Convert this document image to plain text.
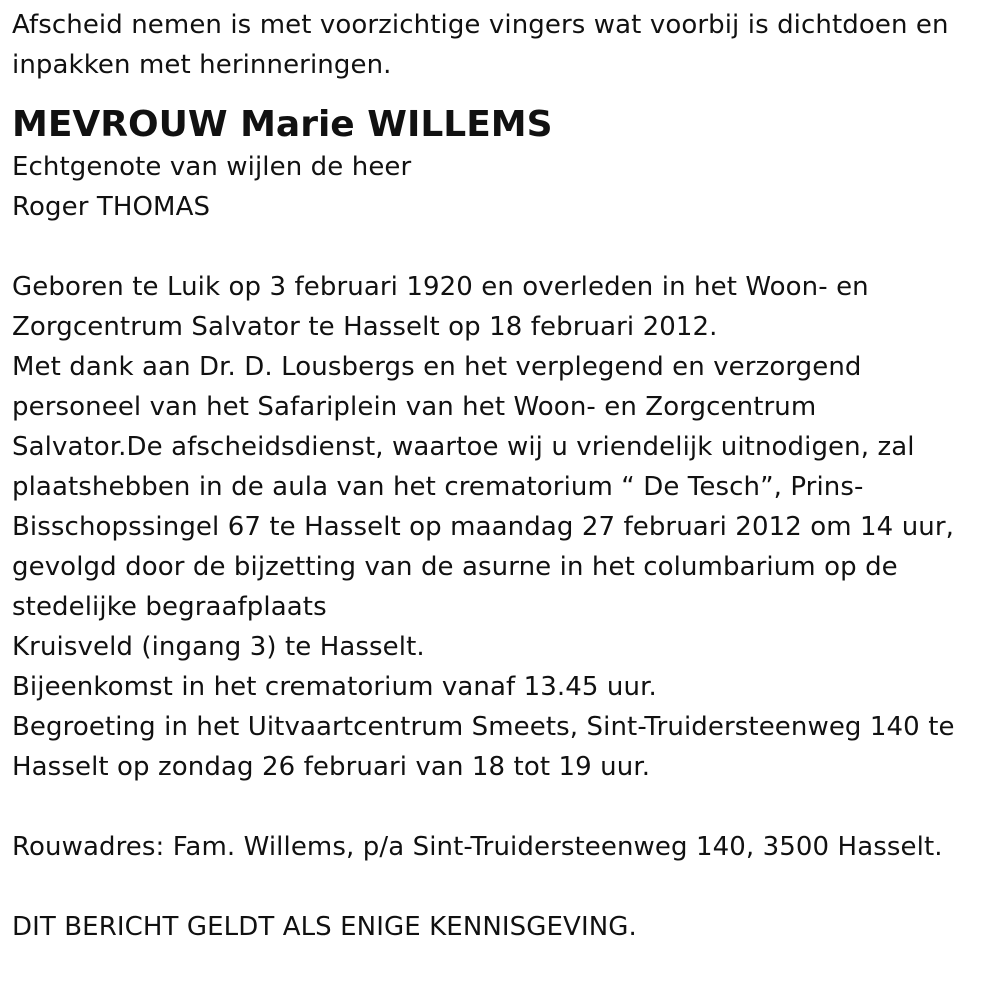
Afscheid nemen is met voorzichtige vingers wat voorbij is dichtdoen en
inpakken met herinneringen.
MEVROUW Marie WILLEMS
Echtgenote van wijlen de heer
Roger THOMAS
Geboren te Luik op 3 februari 1920 en overleden in het Woon- en
Zorgcentrum Salvator te Hasselt op 18 februari 2012.
Met dank aan Dr. D. Lousbergs en het verplegend en verzorgend
personeel van het Safariplein van het Woon- en Zorgcentrum
Salvator.De afscheidsdienst, waartoe wij u vriendelijk uitnodigen, zal
plaatshebben in de aula van het crematorium “ De Tesch”, Prins-
Bisschopssingel 67 te Hasselt op maandag 27 februari 2012 om 14 uur,
gevolgd door de bijzetting van de asurne in het columbarium op de
stedelijke begraafplaats
Kruisveld (ingang 3) te Hasselt.
Bijeenkomst in het crematorium vanaf 13.45 uur.
Begroeting in het Uitvaartcentrum Smeets, Sint-Truidersteenweg 140 te
Hasselt op zondag 26 februari van 18 tot 19 uur.
Rouwadres: Fam. Willems, p/a Sint-Truidersteenweg 140, 3500 Hasselt.
DIT BERICHT GELDT ALS ENIGE KENNISGEVING.
